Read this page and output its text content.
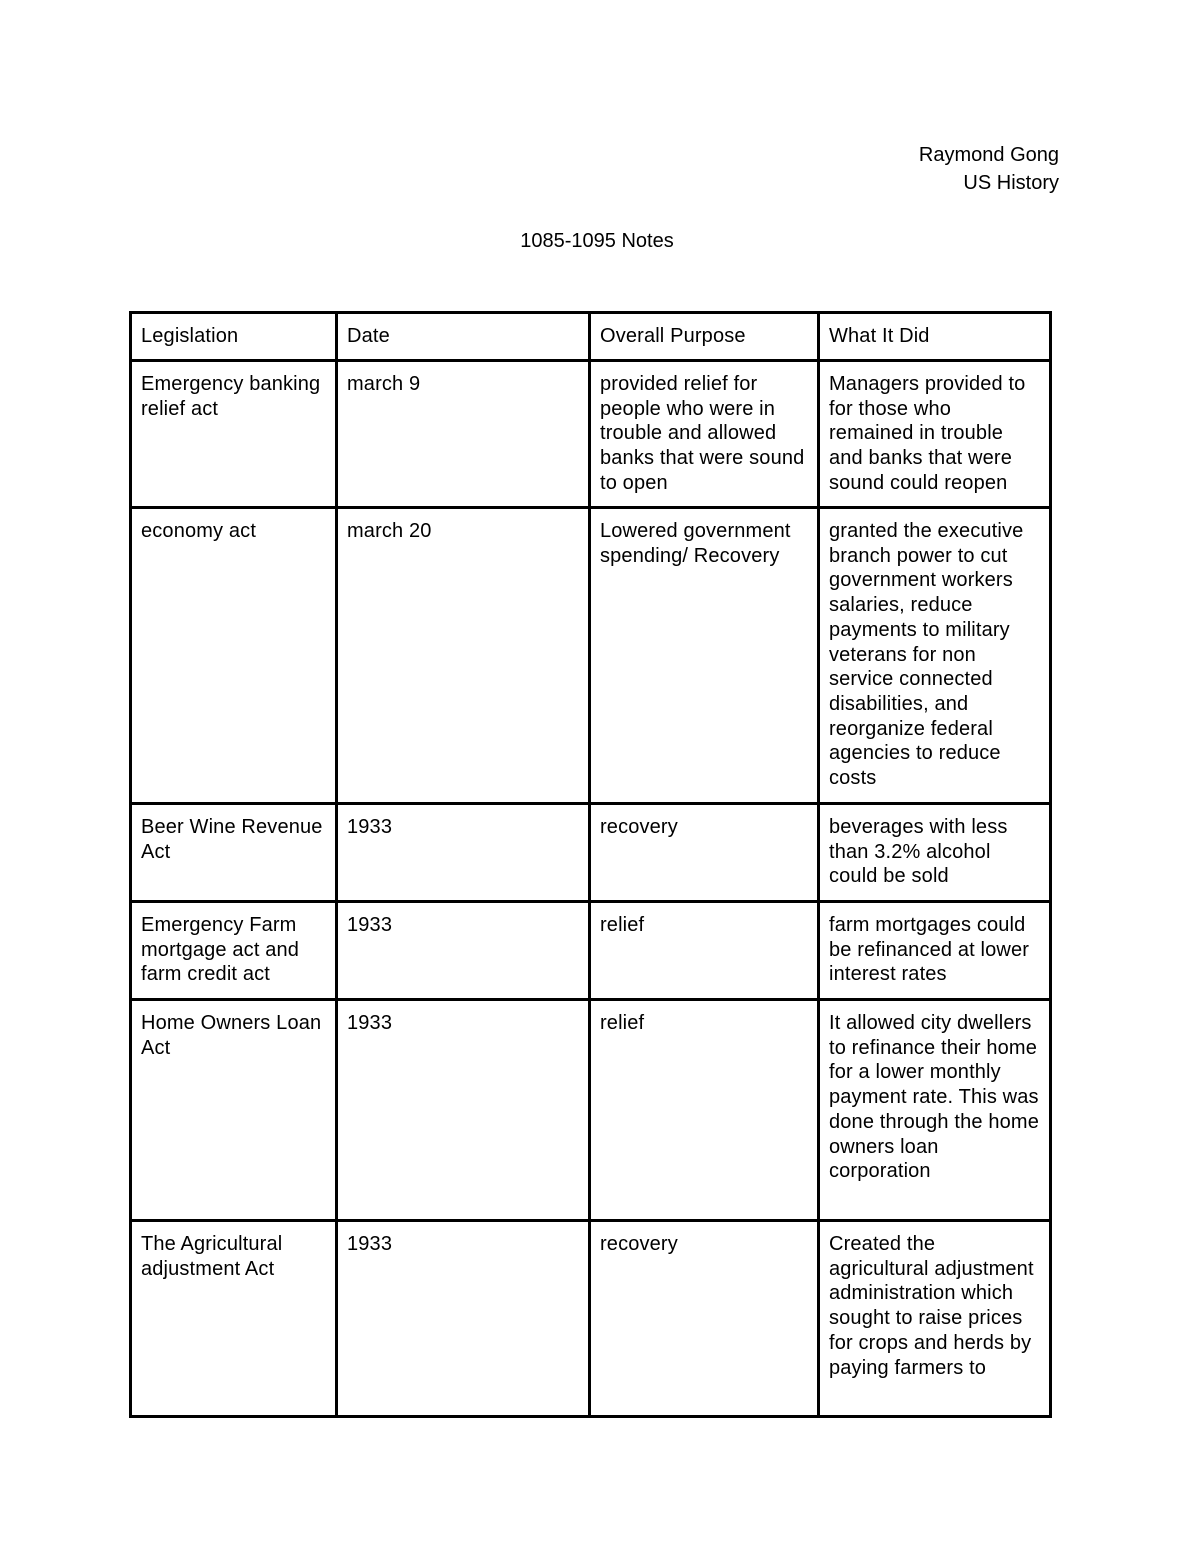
Raymond Gong
US History
1085-1095 Notes
Legislation	Date	Overall Purpose	What It Did
Emergency banking relief act	march 9	provided relief for people who were in trouble and allowed banks that were sound to open	Managers provided to for those who remained in trouble and banks that were sound could reopen
economy act	march 20	Lowered government spending/ Recovery	granted the executive branch power to cut government workers salaries, reduce payments to military veterans for non service connected disabilities, and reorganize federal agencies to reduce costs
Beer Wine Revenue Act	1933	recovery	beverages with less than 3.2% alcohol could be sold
Emergency Farm mortgage act and farm credit act	1933	relief	farm mortgages could be refinanced at lower interest rates
Home Owners Loan Act	1933	relief	It allowed city dwellers to refinance their home for a lower monthly payment rate. This was done through the home owners loan corporation
The Agricultural adjustment Act	1933	recovery	Created the agricultural adjustment administration which sought to raise prices for crops and herds by paying farmers to
